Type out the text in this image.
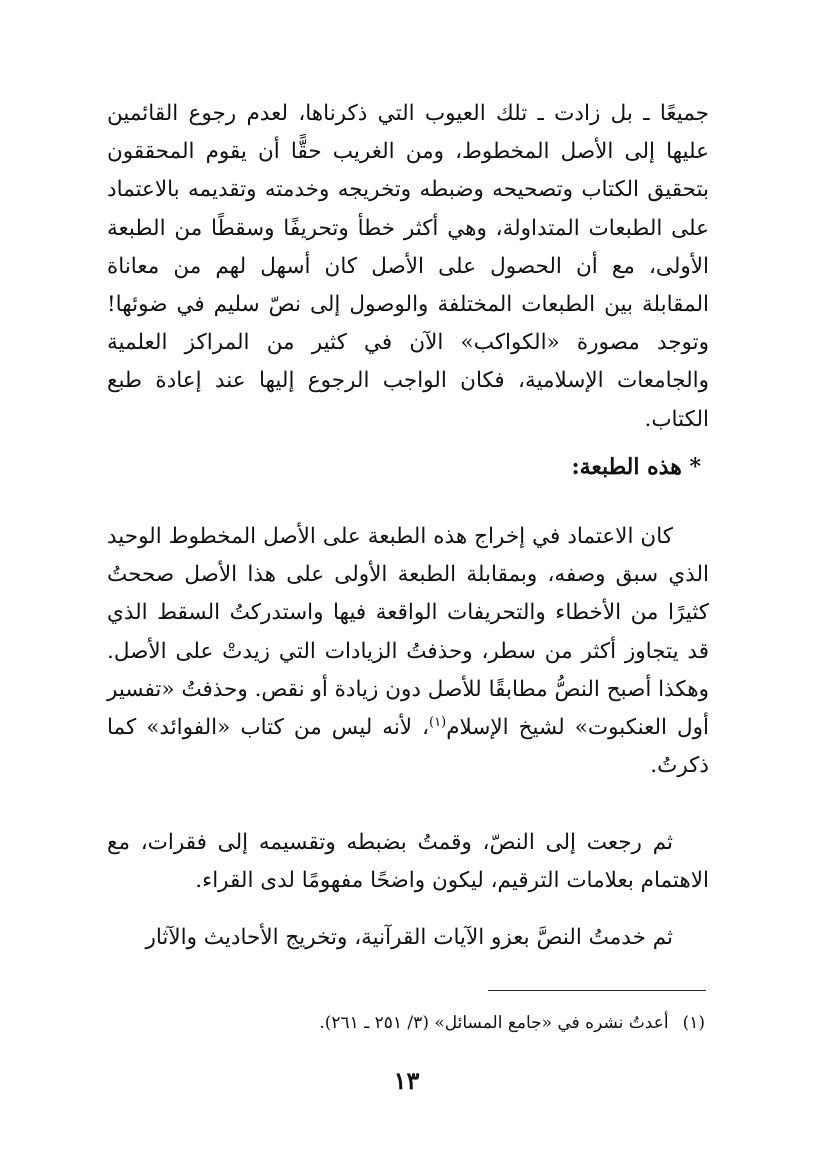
جميعًا ـ بل زادت ـ تلك العيوب التي ذكرناها، لعدم رجوع القائمين عليها إلى الأصل المخطوط، ومن الغريب حقًّا أن يقوم المحققون بتحقيق الكتاب وتصحيحه وضبطه وتخريجه وخدمته وتقديمه بالاعتماد على الطبعات المتداولة، وهي أكثر خطأ وتحريفًا وسقطًا من الطبعة الأولى، مع أن الحصول على الأصل كان أسهل لهم من معاناة المقابلة بين الطبعات المختلفة والوصول إلى نصّ سليم في ضوئها! وتوجد مصورة «الكواكب» الآن في كثير من المراكز العلمية والجامعات الإسلامية، فكان الواجب الرجوع إليها عند إعادة طبع الكتاب.
* هذه الطبعة:
كان الاعتماد في إخراج هذه الطبعة على الأصل المخطوط الوحيد الذي سبق وصفه، وبمقابلة الطبعة الأولى على هذا الأصل صححتُ كثيرًا من الأخطاء والتحريفات الواقعة فيها واستدركتُ السقط الذي قد يتجاوز أكثر من سطر، وحذفتُ الزيادات التي زيدتْ على الأصل. وهكذا أصبح النصُّ مطابقًا للأصل دون زيادة أو نقص. وحذفتُ «تفسير أول العنكبوت» لشيخ الإسلام$^{(١)}$، لأنه ليس من كتاب «الفوائد» كما ذكرتُ.
ثم رجعت إلى النصّ، وقمتُ بضبطه وتقسيمه إلى فقرات، مع الاهتمام بعلامات الترقيم، ليكون واضحًا مفهومًا لدى القراء.
ثم خدمتُ النصَّ بعزو الآيات القرآنية، وتخريج الأحاديث والآثار
(١)أعدتُ نشره في «جامع المسائل» (٣/ ٢٥١ ـ ٢٦١).
١٣
